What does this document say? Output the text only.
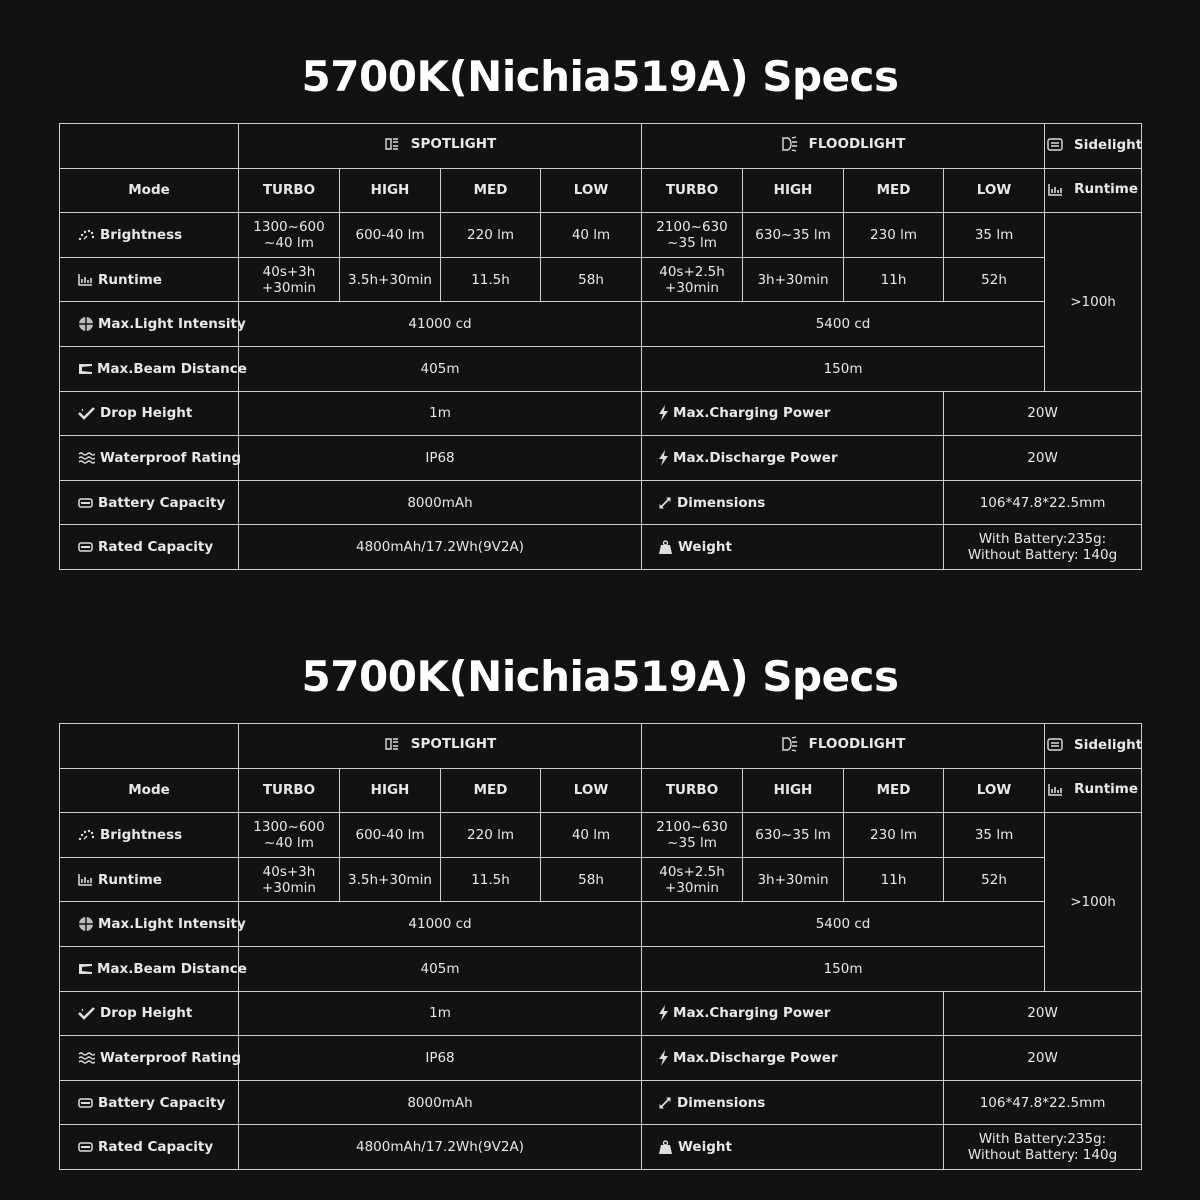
5700K(Nichia519A) Specs

	SPOTLIGHT				FLOODLIGHT				Sidelight

Mode	TURBO	HIGH	MED	LOW	TURBO	HIGH	MED	LOW	Runtime

Brightness	1300~600
~40 lm	600-40 lm	220 lm	40 lm	2100~630
~35 lm	630~35 lm	230 lm	35 lm	>100h

Runtime	40s+3h
+30min	3.5h+30min	11.5h	58h	40s+2.5h
+30min	3h+30min	11h	52h	

Max.Light Intensity	41000 cd				5400 cd				

Max.Beam Distance	405m				150m				

Drop Height	1m				Max.Charging Power			20W	

Waterproof Rating	IP68				Max.Discharge Power			20W	

Battery Capacity	8000mAh				Dimensions			106*47.8*22.5mm	

Rated Capacity	4800mAh/17.2Wh(9V2A)				Weight			With Battery:235g:
Without Battery: 140g	
5700K(Nichia519A) Specs

	SPOTLIGHT				FLOODLIGHT				Sidelight

Mode	TURBO	HIGH	MED	LOW	TURBO	HIGH	MED	LOW	Runtime

Brightness	1300~600
~40 lm	600-40 lm	220 lm	40 lm	2100~630
~35 lm	630~35 lm	230 lm	35 lm	>100h

Runtime	40s+3h
+30min	3.5h+30min	11.5h	58h	40s+2.5h
+30min	3h+30min	11h	52h	

Max.Light Intensity	41000 cd				5400 cd				

Max.Beam Distance	405m				150m				

Drop Height	1m				Max.Charging Power			20W	

Waterproof Rating	IP68				Max.Discharge Power			20W	

Battery Capacity	8000mAh				Dimensions			106*47.8*22.5mm	

Rated Capacity	4800mAh/17.2Wh(9V2A)				Weight			With Battery:235g:
Without Battery: 140g	
